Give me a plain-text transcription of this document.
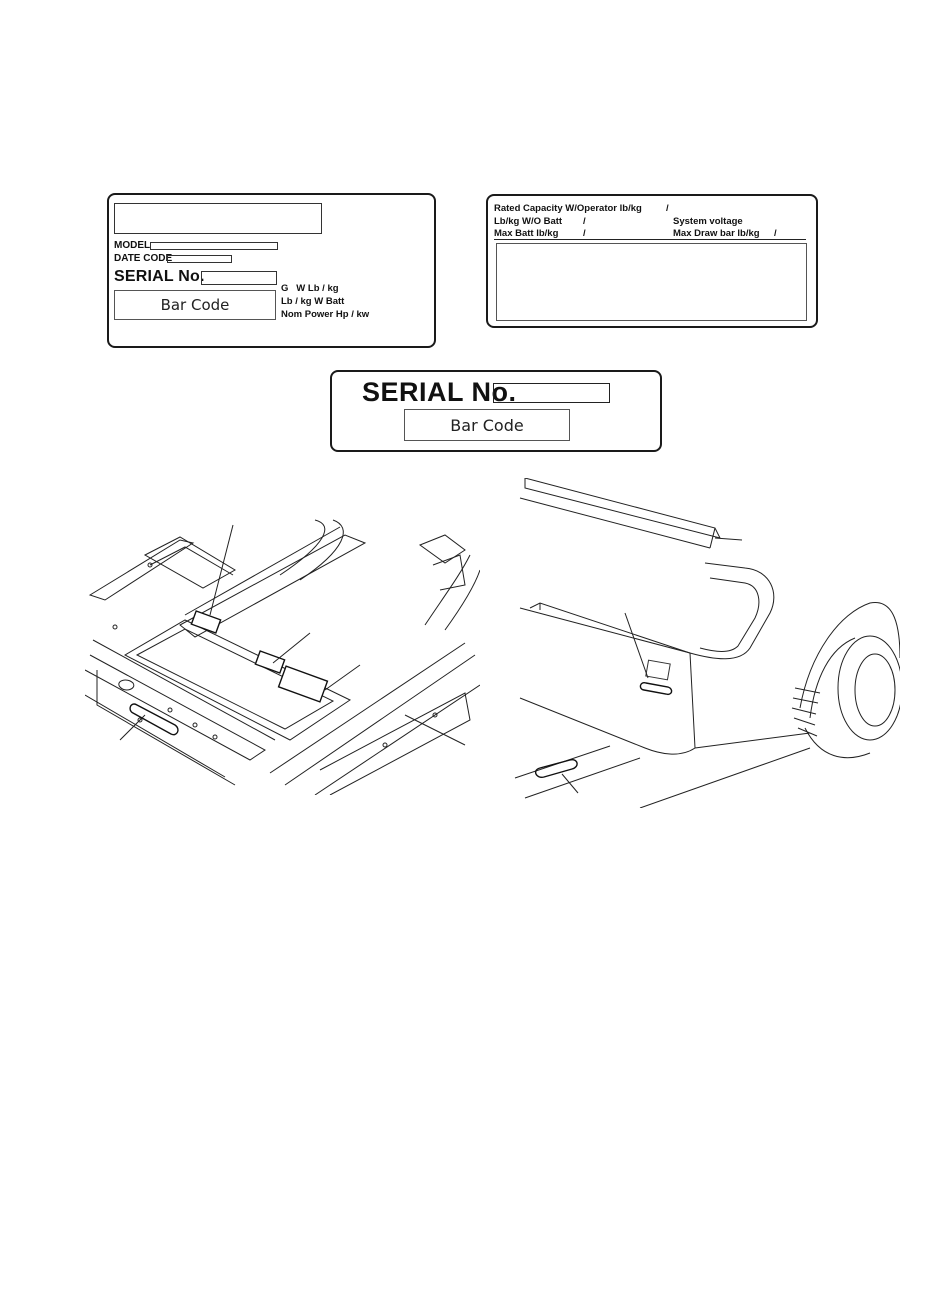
MODEL
DATE CODE
SERIAL No.
Bar Code
G   W Lb / kg
Lb / kg W Batt
Nom Power Hp / kw
Rated Capacity W/Operator lb/kg	/
Lb/kg W/O Batt /	System voltage
Max Batt lb/kg	/	Max Draw bar lb/kg /
SERIAL No.
Bar Code
